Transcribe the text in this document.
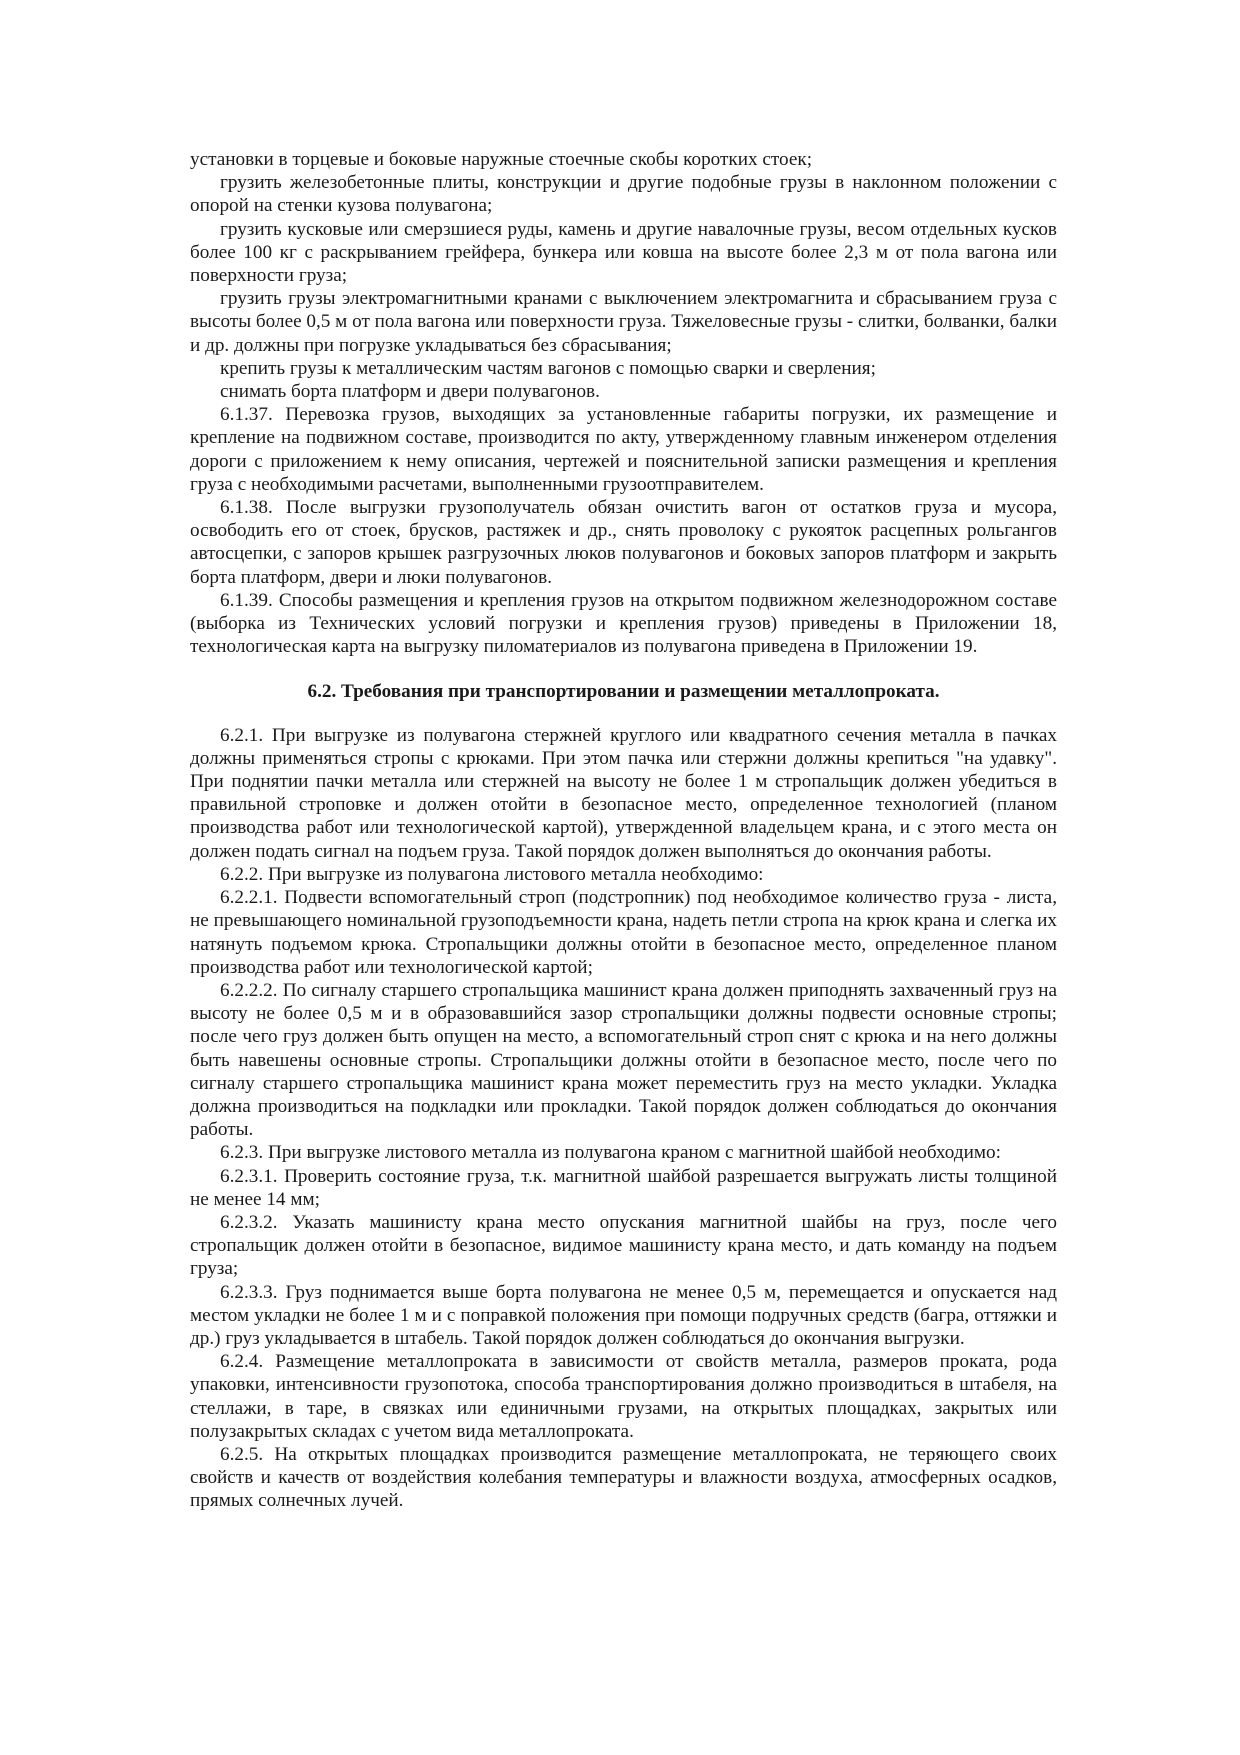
установки в торцевые и боковые наружные стоечные скобы коротких стоек;

грузить железобетонные плиты, конструкции и другие подобные грузы в наклонном положении с опорой на стенки кузова полувагона;

грузить кусковые или смерзшиеся руды, камень и другие навалочные грузы, весом отдельных кусков более 100 кг с раскрыванием грейфера, бункера или ковша на высоте более 2,3 м от пола вагона или поверхности груза;

грузить грузы электромагнитными кранами с выключением электромагнита и сбрасыванием груза с высоты более 0,5 м от пола вагона или поверхности груза. Тяжеловесные грузы - слитки, болванки, балки и др. должны при погрузке укладываться без сбрасывания;

крепить грузы к металлическим частям вагонов с помощью сварки и сверления;

снимать борта платформ и двери полувагонов.

6.1.37. Перевозка грузов, выходящих за установленные габариты погрузки, их размещение и крепление на подвижном составе, производится по акту, утвержденному главным инженером отделения дороги с приложением к нему описания, чертежей и пояснительной записки размещения и крепления груза с необходимыми расчетами, выполненными грузоотправителем.

6.1.38. После выгрузки грузополучатель обязан очистить вагон от остатков груза и мусора, освободить его от стоек, брусков, растяжек и др., снять проволоку с рукояток расцепных рольгангов автосцепки, с запоров крышек разгрузочных люков полувагонов и боковых запоров платформ и закрыть борта платформ, двери и люки полувагонов.

6.1.39. Способы размещения и крепления грузов на открытом подвижном железнодорожном составе (выборка из Технических условий погрузки и крепления грузов) приведены в Приложении 18, технологическая карта на выгрузку пиломатериалов из полувагона приведена в Приложении 19.

6.2. Требования при транспортировании и размещении металлопроката.

6.2.1. При выгрузке из полувагона стержней круглого или квадратного сечения металла в пачках должны применяться стропы с крюками. При этом пачка или стержни должны крепиться "на удавку". При поднятии пачки металла или стержней на высоту не более 1 м стропальщик должен убедиться в правильной строповке и должен отойти в безопасное место, определенное технологией (планом производства работ или технологической картой), утвержденной владельцем крана, и с этого места он должен подать сигнал на подъем груза. Такой порядок должен выполняться до окончания работы.

6.2.2. При выгрузке из полувагона листового металла необходимо:

6.2.2.1. Подвести вспомогательный строп (подстропник) под необходимое количество груза - листа, не превышающего номинальной грузоподъемности крана, надеть петли стропа на крюк крана и слегка их натянуть подъемом крюка. Стропальщики должны отойти в безопасное место, определенное планом производства работ или технологической картой;

6.2.2.2. По сигналу старшего стропальщика машинист крана должен приподнять захваченный груз на высоту не более 0,5 м и в образовавшийся зазор стропальщики должны подвести основные стропы; после чего груз должен быть опущен на место, а вспомогательный строп снят с крюка и на него должны быть навешены основные стропы. Стропальщики должны отойти в безопасное место, после чего по сигналу старшего стропальщика машинист крана может переместить груз на место укладки. Укладка должна производиться на подкладки или прокладки. Такой порядок должен соблюдаться до окончания работы.

6.2.3. При выгрузке листового металла из полувагона краном с магнитной шайбой необходимо:

6.2.3.1. Проверить состояние груза, т.к. магнитной шайбой разрешается выгружать листы толщиной не менее 14 мм;

6.2.3.2. Указать машинисту крана место опускания магнитной шайбы на груз, после чего стропальщик должен отойти в безопасное, видимое машинисту крана место, и дать команду на подъем груза;

6.2.3.3. Груз поднимается выше борта полувагона не менее 0,5 м, перемещается и опускается над местом укладки не более 1 м и с поправкой положения при помощи подручных средств (багра, оттяжки и др.) груз укладывается в штабель. Такой порядок должен соблюдаться до окончания выгрузки.

6.2.4. Размещение металлопроката в зависимости от свойств металла, размеров проката, рода упаковки, интенсивности грузопотока, способа транспортирования должно производиться в штабеля, на стеллажи, в таре, в связках или единичными грузами, на открытых площадках, закрытых или полузакрытых складах с учетом вида металлопроката.

6.2.5. На открытых площадках производится размещение металлопроката, не теряющего своих свойств и качеств от воздействия колебания температуры и влажности воздуха, атмосферных осадков, прямых солнечных лучей.
